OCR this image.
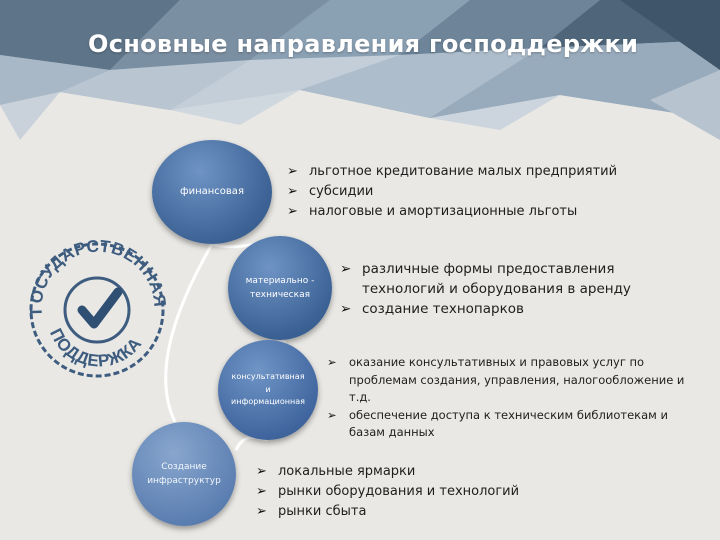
Основные направления господдержки
ГОСУДАРСТВЕННАЯ
ПОДДЕРЖКА
финансовая
материально - техническая
консультативная и информационная
Создание инфраструктур
➢ льготное кредитование малых предприятий
➢ субсидии
➢ налоговые и амортизационные льготы
➢ различные формы предоставления технологий и оборудования в аренду
➢ создание технопарков
➢ оказание консультативных и правовых услуг по проблемам создания, управления, налогообложение и т.д.
➢ обеспечение доступа к техническим библиотекам и базам данных
➢ локальные ярмарки
➢ рынки оборудования и технологий
➢ рынки сбыта
